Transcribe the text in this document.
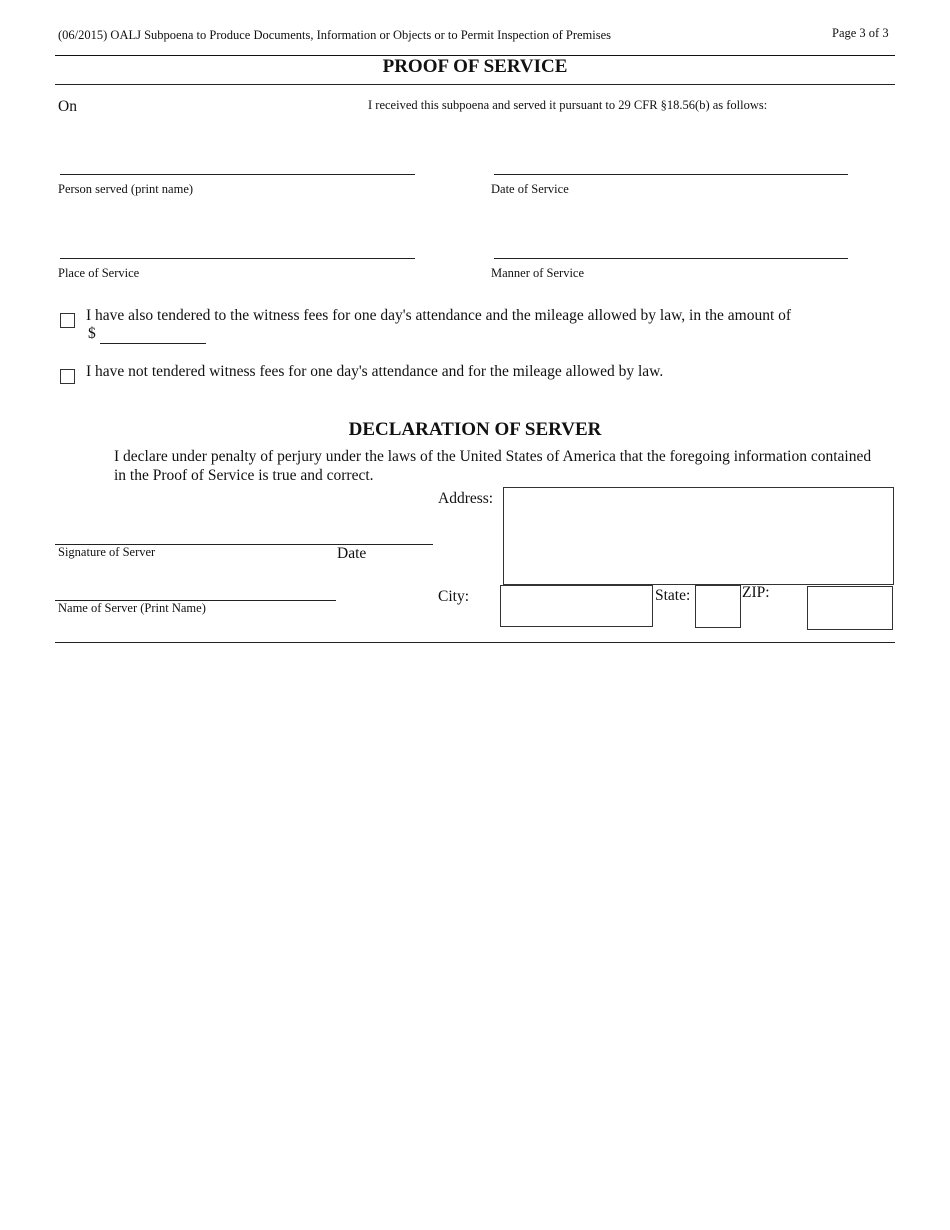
(06/2015) OALJ Subpoena to Produce Documents, Information or Objects or to Permit Inspection of Premises	Page 3 of 3
PROOF OF SERVICE
On	I received this subpoena and served it pursuant to 29 CFR §18.56(b) as follows:
Person served (print name)	Date of Service
Place of Service	Manner of Service
I have also tendered to the witness fees for one day's attendance and the mileage allowed by law, in the amount of
$
I have not tendered witness fees for one day's attendance and for the mileage allowed by law.
DECLARATION OF SERVER
I declare under penalty of perjury under the laws of the United States of America that the foregoing information contained in the Proof of Service is true and correct.
Address:
Signature of Server	Date
Name of Server (Print Name)
City:	State:	ZIP:
